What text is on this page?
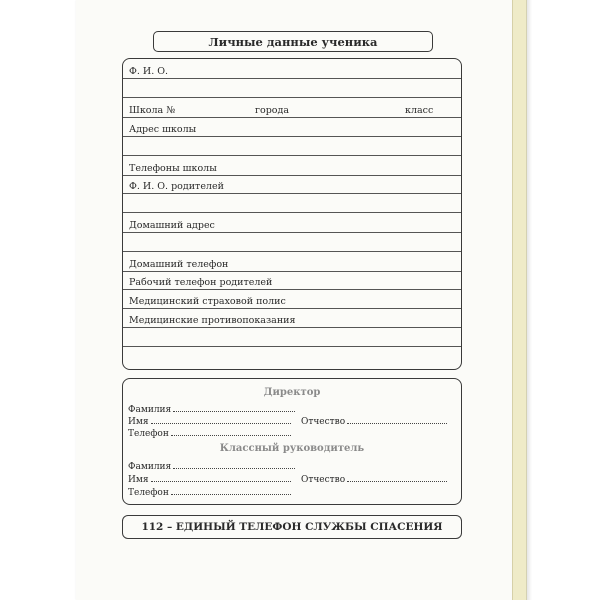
Личные данные ученика
Ф. И. О.
Школа №	города	класс
Адрес школы
Телефоны школы
Ф. И. О. родителей
Домашний адрес
Домашний телефон
Рабочий телефон родителей
Медицинский страховой полис
Медицинские противопоказания
Директор
Фамилия
Имя	Отчество
Телефон
Классный руководитель
Фамилия
Имя	Отчество
Телефон
112 – ЕДИНЫЙ ТЕЛЕФОН СЛУЖБЫ СПАСЕНИЯ
